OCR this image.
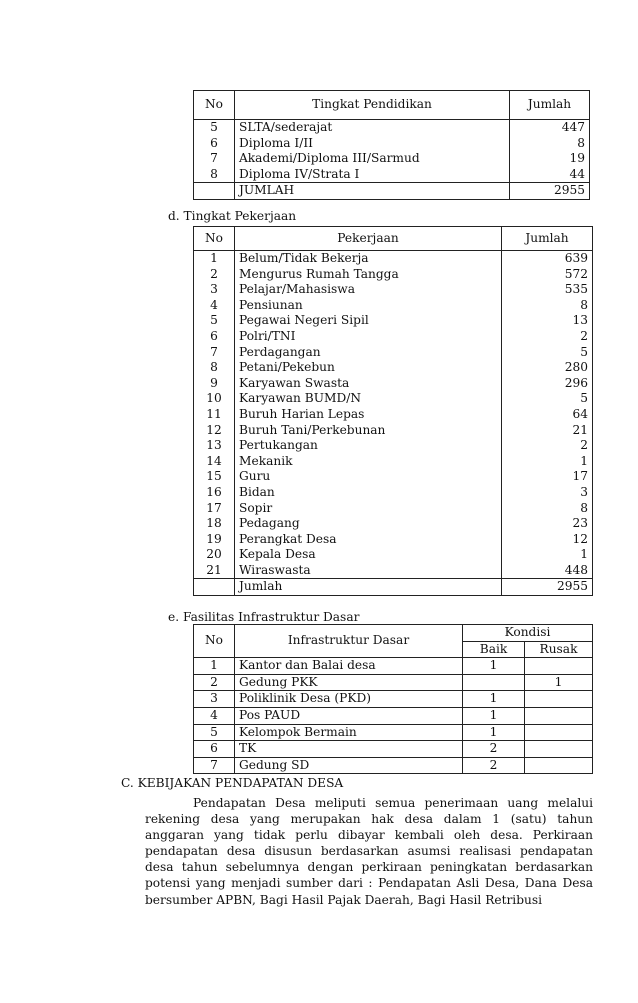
No	Tingkat Pendidikan	Jumlah
5	SLTA/sederajat	447
6	Diploma I/II	8
7	Akademi/Diploma III/Sarmud	19
8	Diploma IV/Strata I	44
	JUMLAH	2955
d. Tingkat Pekerjaan
No	Pekerjaan	Jumlah
1	Belum/Tidak Bekerja	639
2	Mengurus Rumah Tangga	572
3	Pelajar/Mahasiswa	535
4	Pensiunan	8
5	Pegawai Negeri Sipil	13
6	Polri/TNI	2
7	Perdagangan	5
8	Petani/Pekebun	280
9	Karyawan Swasta	296
10	Karyawan BUMD/N	5
11	Buruh Harian Lepas	64
12	Buruh Tani/Perkebunan	21
13	Pertukangan	2
14	Mekanik	1
15	Guru	17
16	Bidan	3
17	Sopir	8
18	Pedagang	23
19	Perangkat Desa	12
20	Kepala Desa	1
21	Wiraswasta	448
	Jumlah	2955
e. Fasilitas Infrastruktur Dasar
No	Infrastruktur Dasar	Kondisi	
		Baik	Rusak
1	Kantor dan Balai desa	1	
2	Gedung PKK		1
3	Poliklinik Desa (PKD)	1	
4	Pos PAUD	1	
5	Kelompok Bermain	1	
6	TK	2	
7	Gedung SD	2	
C. KEBIJAKAN PENDAPATAN DESA

Pendapatan Desa meliputi semua penerimaan uang melalui rekening desa yang merupakan hak desa dalam 1 (satu) tahun anggaran yang tidak perlu dibayar kembali oleh desa. Perkiraan pendapatan desa disusun berdasarkan asumsi realisasi pendapatan desa tahun sebelumnya dengan perkiraan peningkatan berdasarkan potensi yang menjadi sumber dari : Pendapatan Asli Desa, Dana Desa bersumber APBN, Bagi Hasil Pajak Daerah, Bagi Hasil Retribusi
